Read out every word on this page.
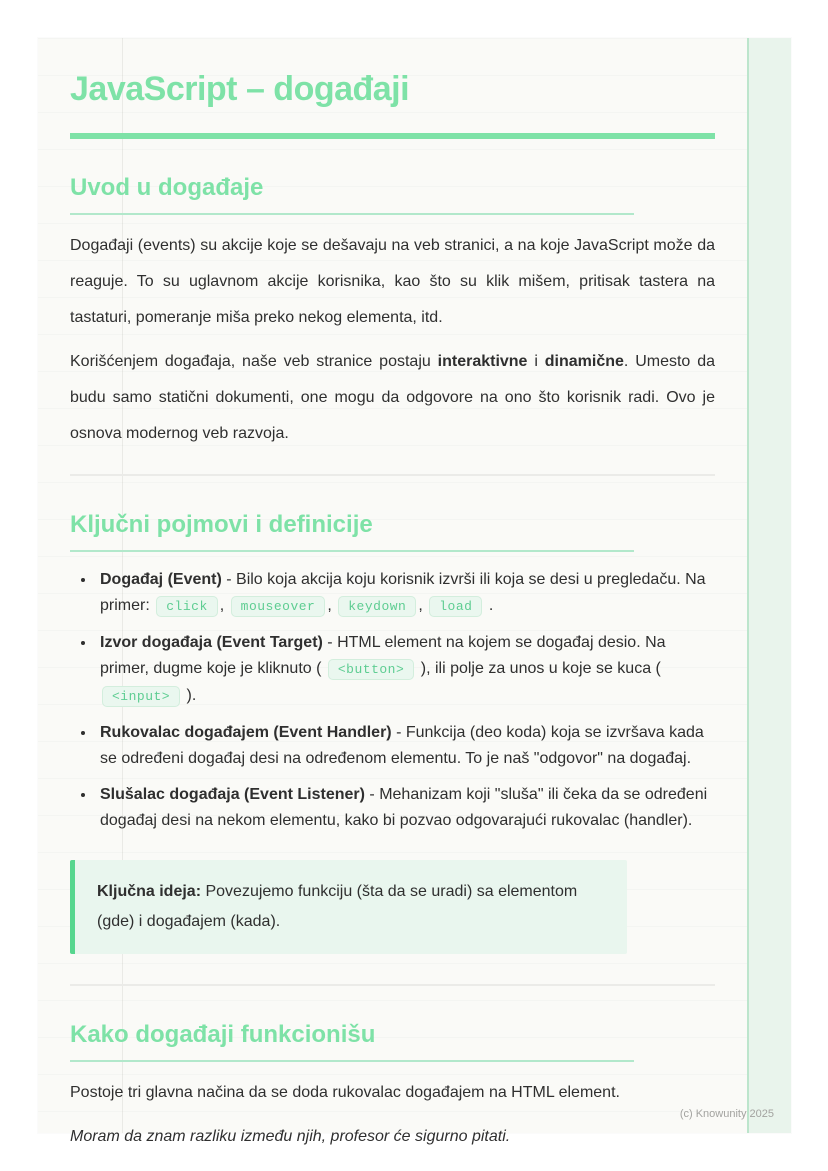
JavaScript – događaji
Uvod u događaje

Događaji (events) su akcije koje se dešavaju na veb stranici, a na koje JavaScript može da reaguje. To su uglavnom akcije korisnika, kao što su klik mišem, pritisak tastera na tastaturi, pomeranje miša preko nekog elementa, itd.

Korišćenjem događaja, naše veb stranice postaju interaktivne i dinamične. Umesto da budu samo statični dokumenti, one mogu da odgovore na ono što korisnik radi. Ovo je osnova modernog veb razvoja.

Ključni pojmovi i definicije
• Događaj (Event) - Bilo koja akcija koju korisnik izvrši ili koja se desi u pregledaču. Na primer: click , mouseover , keydown , load .
• Izvor događaja (Event Target) - HTML element na kojem se događaj desio. Na primer, dugme koje je kliknuto ( <button> ), ili polje za unos u koje se kuca ( <input> ).
• Rukovalac događajem (Event Handler) - Funkcija (deo koda) koja se izvršava kada se određeni događaj desi na određenom elementu. To je naš "odgovor" na događaj.
• Slušalac događaja (Event Listener) - Mehanizam koji "sluša" ili čeka da se određeni događaj desi na nekom elementu, kako bi pozvao odgovarajući rukovalac (handler).
Ključna ideja: Povezujemo funkciju (šta da se uradi) sa elementom (gde) i događajem (kada).
Kako događaji funkcionišu

Postoje tri glavna načina da se doda rukovalac događajem na HTML element.

Moram da znam razliku između njih, profesor će sigurno pitati.

(c) Knowunity 2025
